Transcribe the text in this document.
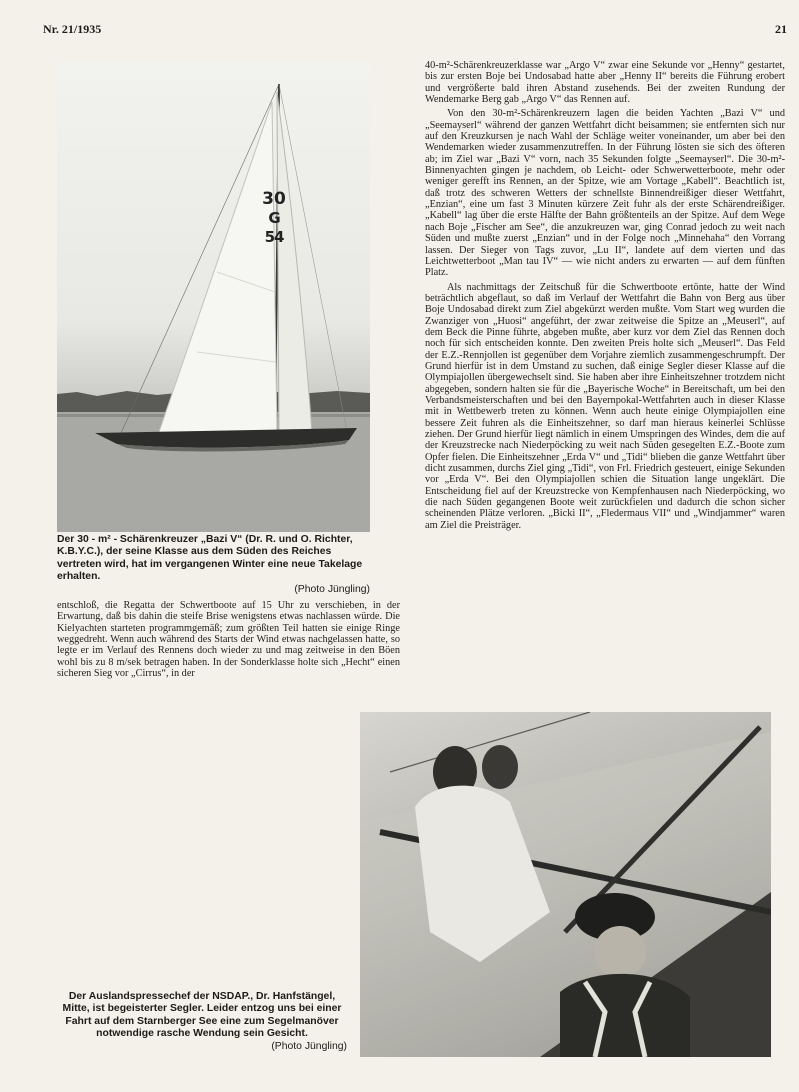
Nr. 21/1935	21
30
G 54
Der 30 - m² - Schärenkreuzer „Bazi V“ (Dr. R. und O. Richter, K.B.Y.C.), der seine Klasse aus dem Süden des Reiches vertreten wird, hat im vergangenen Winter eine neue Takelage erhalten.
(Photo Jüngling)

40-m²-Schärenkreuzerklasse war „Argo V“ zwar eine Sekunde vor „Henny“ gestartet, bis zur ersten Boje bei Undosabad hatte aber „Henny II“ bereits die Führung erobert und vergrößerte bald ihren Abstand zusehends. Bei der zweiten Rundung der Wendemarke Berg gab „Argo V“ das Rennen auf.

Von den 30-m²-Schärenkreuzern lagen die beiden Yachten „Bazi V“ und „Seemayserl“ während der ganzen Wettfahrt dicht beisammen; sie entfernten sich nur auf den Kreuzkursen je nach Wahl der Schläge weiter voneinander, um aber bei den Wendemarken wieder zusammenzutreffen. In der Führung lösten sie sich des öfteren ab; im Ziel war „Bazi V“ vorn, nach 35 Sekunden folgte „Seemayserl“. Die 30-m²-Binnenyachten gingen je nachdem, ob Leicht- oder Schwerwetterboote, mehr oder weniger gerefft ins Rennen, an der Spitze, wie am Vortage „Kabell“. Beachtlich ist, daß trotz des schweren Wetters der schnellste Binnendreißiger dieser Wettfahrt, „Enzian“, eine um fast 3 Minuten kürzere Zeit fuhr als der erste Schärendreißiger. „Kabell“ lag über die erste Hälfte der Bahn größtenteils an der Spitze. Auf dem Wege nach Boje „Fischer am See“, die anzukreuzen war, ging Conrad jedoch zu weit nach Süden und mußte zuerst „Enzian“ und in der Folge noch „Minnehaha“ den Vorrang lassen. Der Sieger von Tags zuvor, „Lu II“, landete auf dem vierten und das Leichtwetterboot „Man tau IV“ — wie nicht anders zu erwarten — auf dem fünften Platz.

Als nachmittags der Zeitschuß für die Schwertboote ertönte, hatte der Wind beträchtlich abgeflaut, so daß im Verlauf der Wettfahrt die Bahn von Berg aus über Boje Undosabad direkt zum Ziel abgekürzt werden mußte. Vom Start weg wurden die Zwanziger von „Huosi“ angeführt, der zwar zeitweise die Spitze an „Meuserl“, auf dem Beck die Pinne führte, abgeben mußte, aber kurz vor dem Ziel das Rennen doch noch für sich entscheiden konnte. Den zweiten Preis holte sich „Meuserl“. Das Feld der E.Z.-Rennjollen ist gegenüber dem Vorjahre ziemlich zusammengeschrumpft. Der Grund hierfür ist in dem Umstand zu suchen, daß einige Segler dieser Klasse auf die Olympiajollen übergewechselt sind. Sie haben aber ihre Einheitszehner trotzdem nicht abgegeben, sondern halten sie für die „Bayerische Woche“ in Bereitschaft, um bei den Verbandsmeisterschaften und bei den Bayernpokal-Wettfahrten auch in dieser Klasse mit in Wettbewerb treten zu können. Wenn auch heute einige Olympiajollen eine bessere Zeit fuhren als die Einheitszehner, so darf man hieraus keinerlei Schlüsse ziehen. Der Grund hierfür liegt nämlich in einem Umspringen des Windes, dem die auf der Kreuzstrecke nach Niederpöcking zu weit nach Süden gesegelten E.Z.-Boote zum Opfer fielen. Die Einheitszehner „Erda V“ und „Tidi“ blieben die ganze Wettfahrt über dicht zusammen, durchs Ziel ging „Tidi“, von Frl. Friedrich gesteuert, einige Sekunden vor „Erda V“. Bei den Olympiajollen schien die Situation lange ungeklärt. Die Entscheidung fiel auf der Kreuzstrecke von Kempfenhausen nach Niederpöcking, wo die nach Süden gegangenen Boote weit zurückfielen und dadurch die schon sicher scheinenden Plätze verloren. „Bicki II“, „Fledermaus VII“ und „Windjammer“ waren am Ziel die Preisträger.

entschloß, die Regatta der Schwertboote auf 15 Uhr zu verschieben, in der Erwartung, daß bis dahin die steife Brise wenigstens etwas nachlassen würde. Die Kielyachten starteten programmgemäß; zum größten Teil hatten sie einige Ringe weggedreht. Wenn auch während des Starts der Wind etwas nachgelassen hatte, so legte er im Verlauf des Rennens doch wieder zu und mag zeitweise in den Böen wohl bis zu 8 m/sek betragen haben. In der Sonderklasse holte sich „Hecht“ einen sicheren Sieg vor „Cirrus“, in der

Der Auslandspressechef der NSDAP., Dr. Hanfstängel, Mitte, ist begeisterter Segler. Leider entzog uns bei einer Fahrt auf dem Starnberger See eine zum Segelmanöver notwendige rasche Wendung sein Gesicht.
(Photo Jüngling)
